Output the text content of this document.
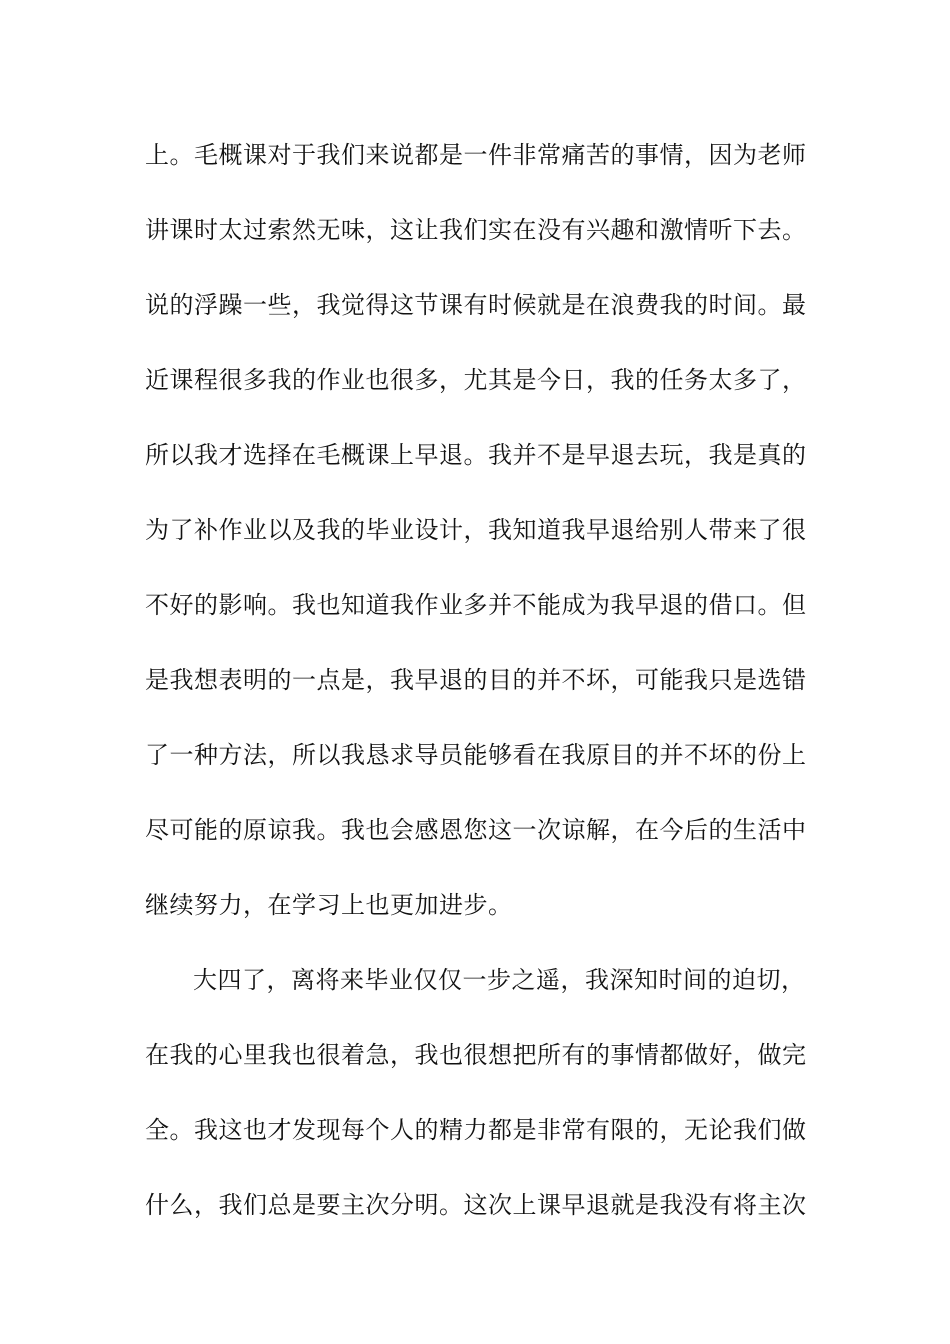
上。毛概课对于我们来说都是一件非常痛苦的事情，因为老师
讲课时太过索然无味，这让我们实在没有兴趣和激情听下去。
说的浮躁一些，我觉得这节课有时候就是在浪费我的时间。最
近课程很多我的作业也很多，尤其是今日，我的任务太多了，
所以我才选择在毛概课上早退。我并不是早退去玩，我是真的
为了补作业以及我的毕业设计，我知道我早退给别人带来了很
不好的影响。我也知道我作业多并不能成为我早退的借口。但
是我想表明的一点是，我早退的目的并不坏，可能我只是选错
了一种方法，所以我恳求导员能够看在我原目的并不坏的份上
尽可能的原谅我。我也会感恩您这一次谅解，在今后的生活中
继续努力，在学习上也更加进步。
大四了，离将来毕业仅仅一步之遥，我深知时间的迫切，
在我的心里我也很着急，我也很想把所有的事情都做好，做完
全。我这也才发现每个人的精力都是非常有限的，无论我们做
什么，我们总是要主次分明。这次上课早退就是我没有将主次
